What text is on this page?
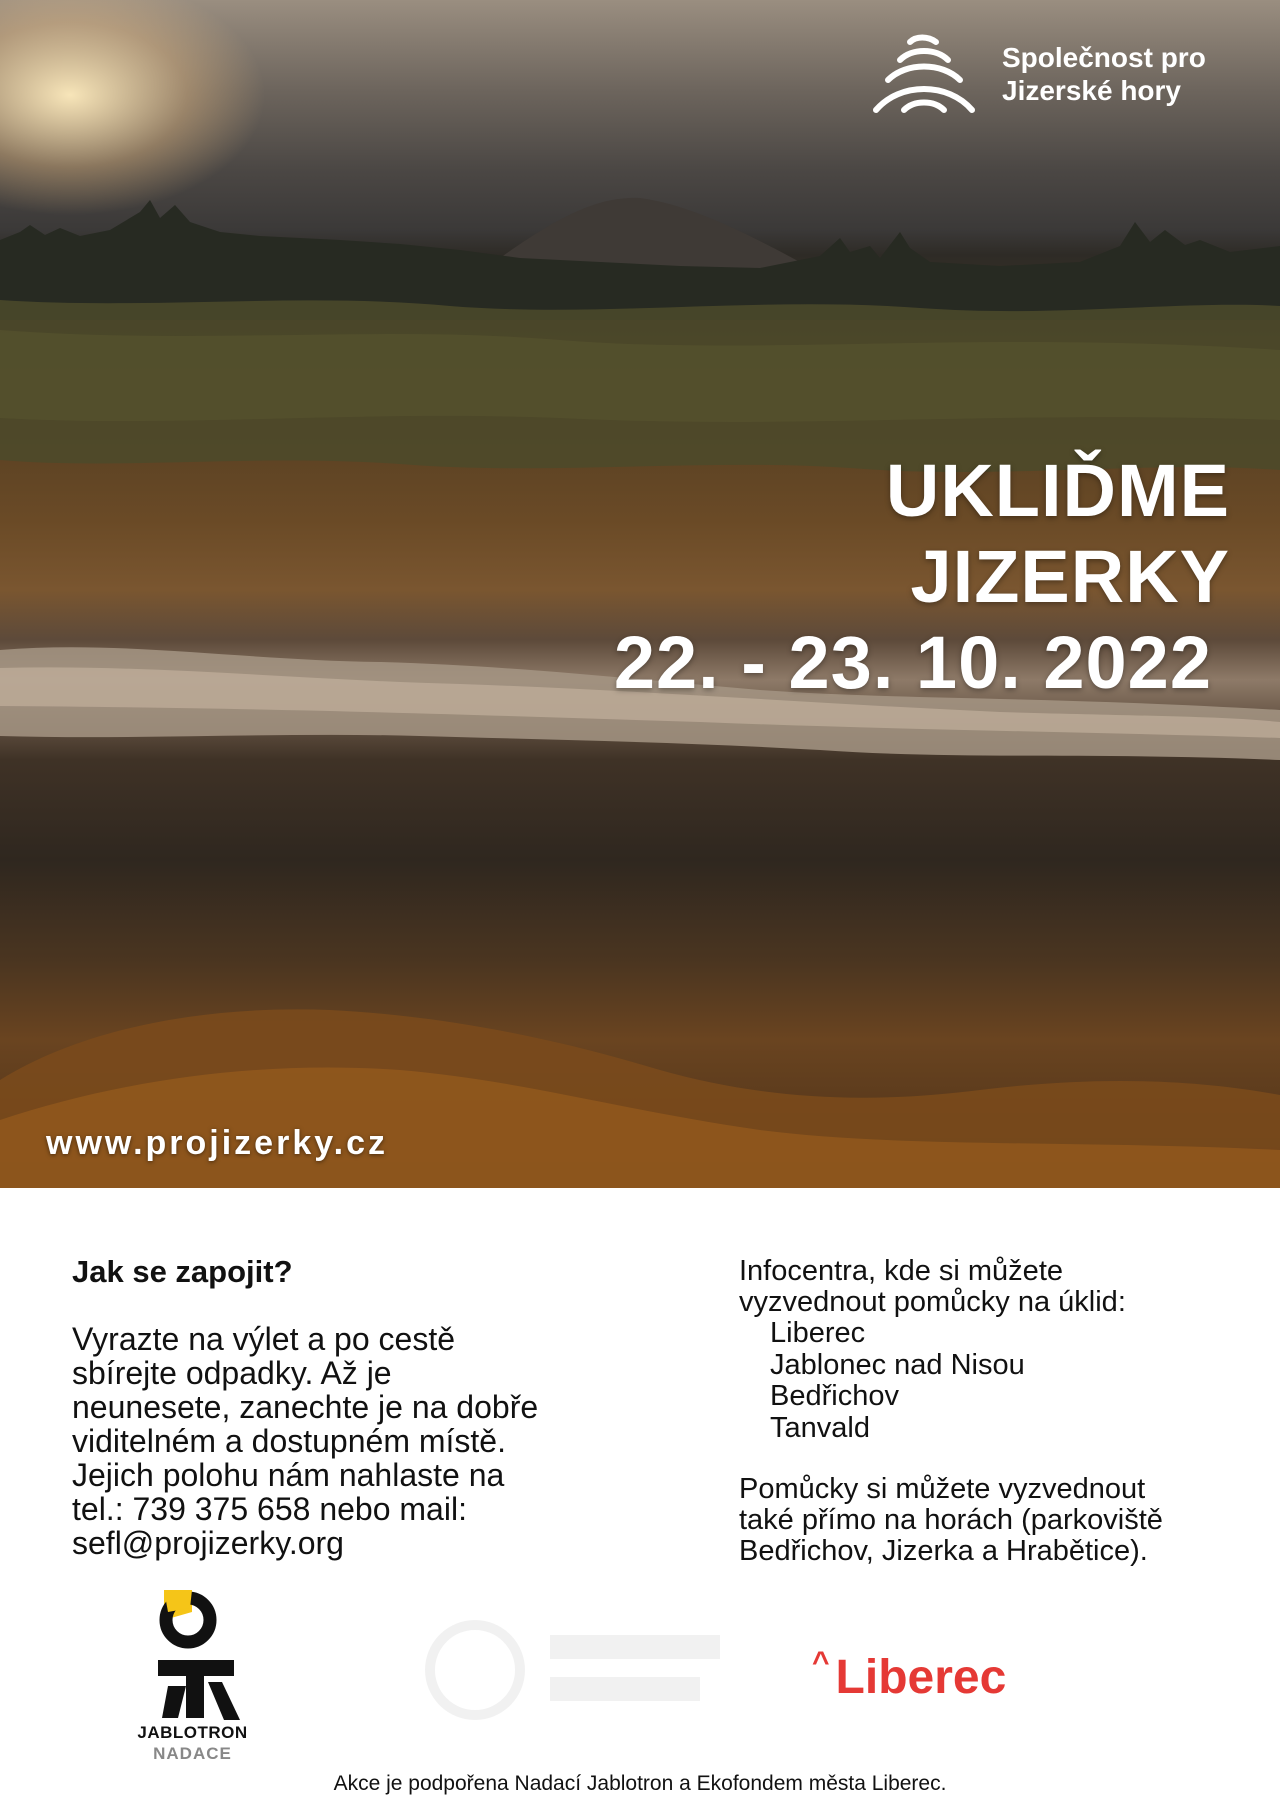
Společnost pro
Jizerské hory
UKLIĎME JIZERKY
22. - 23. 10. 2022
www.projizerky.cz
Jak se zapojit?
Vyrazte na výlet a po cestě
sbírejte odpadky. Až je
neunesete, zanechte je na dobře
viditelném a dostupném místě.
Jejich polohu nám nahlaste na
tel.: 739 375 658 nebo mail:
sefl@projizerky.org
Infocentra, kde si můžete
vyzvednout pomůcky na úklid:
Liberec
Jablonec nad Nisou
Bedřichov
Tanvald
Pomůcky si můžete vyzvednout
také přímo na horách (parkoviště
Bedřichov, Jizerka a Hrabětice).
JABLOTRON
NADACE
^ Liberec
Akce je podpořena Nadací Jablotron a Ekofondem města Liberec.
